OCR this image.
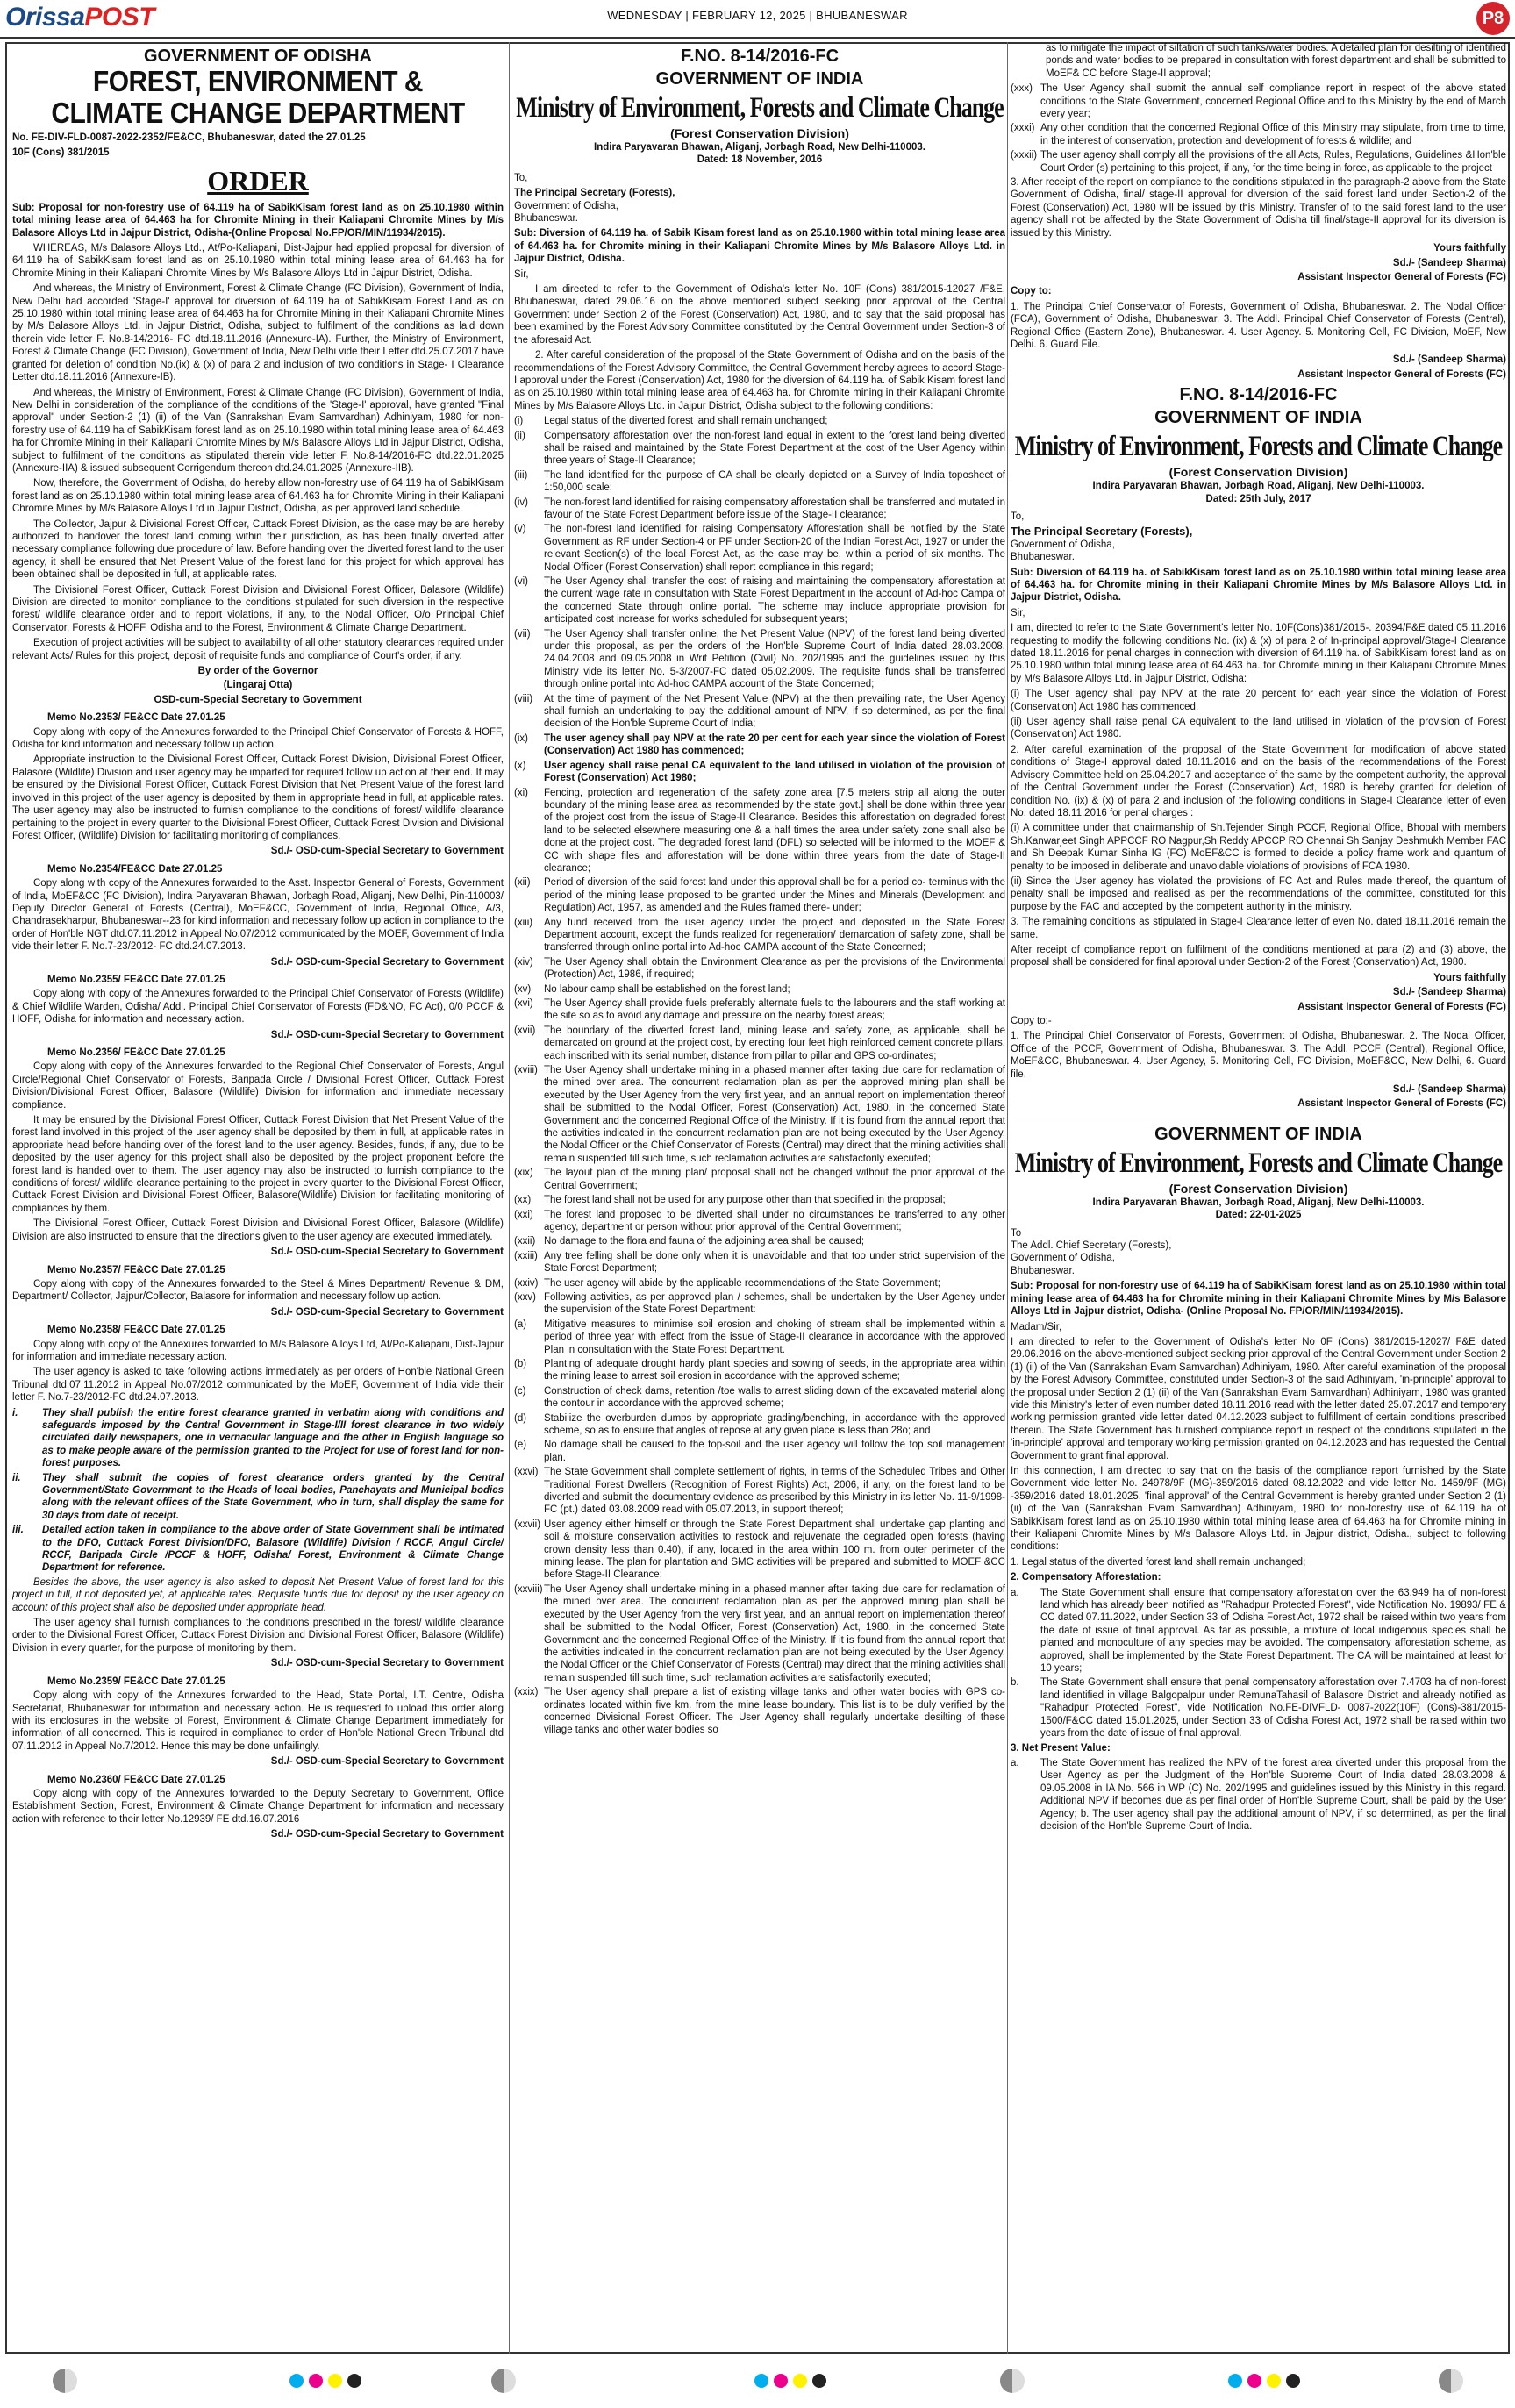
OrissaPOST	WEDNESDAY | FEBRUARY 12, 2025 | BHUBANESWAR	P8
GOVERNMENT OF ODISHA
FOREST, ENVIRONMENT &
CLIMATE CHANGE DEPARTMENT

No. FE-DIV-FLD-0087-2022-2352/FE&CC, Bhubaneswar, dated the 27.01.25

10F (Cons) 381/2015

ORDER

Sub: Proposal for non-forestry use of 64.119 ha of SabikKisam forest land as on 25.10.1980 within total mining lease area of 64.463 ha for Chromite Mining in their Kaliapani Chromite Mines by M/s Balasore Alloys Ltd in Jajpur District, Odisha-(Online Proposal No.FP/OR/MIN/11934/2015).

WHEREAS, M/s Balasore Alloys Ltd., At/Po-Kaliapani, Dist-Jajpur had applied proposal for diversion of 64.119 ha of SabikKisam forest land as on 25.10.1980 within total mining lease area of 64.463 ha for Chromite Mining in their Kaliapani Chromite Mines by M/s Balasore Alloys Ltd in Jajpur District, Odisha.

And whereas, the Ministry of Environment, Forest & Climate Change (FC Division), Government of India, New Delhi had accorded 'Stage-I' approval for diversion of 64.119 ha of SabikKisam Forest Land as on 25.10.1980 within total mining lease area of 64.463 ha for Chromite Mining in their Kaliapani Chromite Mines by M/s Balasore Alloys Ltd. in Jajpur District, Odisha, subject to fulfilment of the conditions as laid down therein vide letter F. No.8-14/2016- FC dtd.18.11.2016 (Annexure-IA). Further, the Ministry of Environment, Forest & Climate Change (FC Division), Government of India, New Delhi vide their Letter dtd.25.07.2017 have granted for deletion of condition No.(ix) & (x) of para 2 and inclusion of two conditions in Stage- I Clearance Letter dtd.18.11.2016 (Annexure-IB).

And whereas, the Ministry of Environment, Forest & Climate Change (FC Division), Government of India, New Delhi in consideration of the compliance of the conditions of the 'Stage-I' approval, have granted "Final approval" under Section-2 (1) (ii) of the Van (Sanrakshan Evam Samvardhan) Adhiniyam, 1980 for non-forestry use of 64.119 ha of SabikKisam forest land as on 25.10.1980 within total mining lease area of 64.463 ha for Chromite Mining in their Kaliapani Chromite Mines by M/s Balasore Alloys Ltd in Jajpur District, Odisha, subject to fulfilment of the conditions as stipulated therein vide letter F. No.8-14/2016-FC dtd.22.01.2025 (Annexure-IIA) & issued subsequent Corrigendum thereon dtd.24.01.2025 (Annexure-IIB).

Now, therefore, the Government of Odisha, do hereby allow non-forestry use of 64.119 ha of SabikKisam forest land as on 25.10.1980 within total mining lease area of 64.463 ha for Chromite Mining in their Kaliapani Chromite Mines by M/s Balasore Alloys Ltd in Jajpur District, Odisha, as per approved land schedule.

The Collector, Jajpur & Divisional Forest Officer, Cuttack Forest Division, as the case may be are hereby authorized to handover the forest land coming within their jurisdiction, as has been finally diverted after necessary compliance following due procedure of law. Before handing over the diverted forest land to the user agency, it shall be ensured that Net Present Value of the forest land for this project for which approval has been obtained shall be deposited in full, at applicable rates.

The Divisional Forest Officer, Cuttack Forest Division and Divisional Forest Officer, Balasore (Wildlife) Division are directed to monitor compliance to the conditions stipulated for such diversion in the respective forest/ wildlife clearance order and to report violations, if any, to the Nodal Officer, O/o Principal Chief Conservator, Forests & HOFF, Odisha and to the Forest, Environment & Climate Change Department.

Execution of project activities will be subject to availability of all other statutory clearances required under relevant Acts/ Rules for this project, deposit of requisite funds and compliance of Court's order, if any.

By order of the Governor
(Lingaraj Otta)
OSD-cum-Special Secretary to Government
Memo No.2353/ FE&CC Date 27.01.25

Copy along with copy of the Annexures forwarded to the Principal Chief Conservator of Forests & HOFF, Odisha for kind information and necessary follow up action.

Appropriate instruction to the Divisional Forest Officer, Cuttack Forest Division, Divisional Forest Officer, Balasore (Wildlife) Division and user agency may be imparted for required follow up action at their end. It may be ensured by the Divisional Forest Officer, Cuttack Forest Division that Net Present Value of the forest land involved in this project of the user agency is deposited by them in appropriate head in full, at applicable rates. The user agency may also be instructed to furnish compliance to the conditions of forest/ wildlife clearance pertaining to the project in every quarter to the Divisional Forest Officer, Cuttack Forest Division and Divisional Forest Officer, (Wildlife) Division for facilitating monitoring of compliances.

Sd./- OSD-cum-Special Secretary to Government
Memo No.2354/FE&CC Date 27.01.25

Copy along with copy of the Annexures forwarded to the Asst. Inspector General of Forests, Government of India, MoEF&CC (FC Division), Indira Paryavaran Bhawan, Jorbagh Road, Aliganj, New Delhi, Pin-110003/ Deputy Director General of Forests (Central), MoEF&CC, Government of India, Regional Office, A/3, Chandrasekharpur, Bhubaneswar--23 for kind information and necessary follow up action in compliance to the order of Hon'ble NGT dtd.07.11.2012 in Appeal No.07/2012 communicated by the MOEF, Government of India vide their letter F. No.7-23/2012- FC dtd.24.07.2013.

Sd./- OSD-cum-Special Secretary to Government
Memo No.2355/ FE&CC Date 27.01.25

Copy along with copy of the Annexures forwarded to the Principal Chief Conservator of Forests (Wildlife) & Chief Wildlife Warden, Odisha/ Addl. Principal Chief Conservator of Forests (FD&NO, FC Act), 0/0 PCCF & HOFF, Odisha for information and necessary action.

Sd./- OSD-cum-Special Secretary to Government
Memo No.2356/ FE&CC Date 27.01.25

Copy along with copy of the Annexures forwarded to the Regional Chief Conservator of Forests, Angul Circle/Regional Chief Conservator of Forests, Baripada Circle / Divisional Forest Officer, Cuttack Forest Division/Divisional Forest Officer, Balasore (Wildlife) Division for information and immediate necessary compliance.

It may be ensured by the Divisional Forest Officer, Cuttack Forest Division that Net Present Value of the forest land involved in this project of the user agency shall be deposited by them in full, at applicable rates in appropriate head before handing over of the forest land to the user agency. Besides, funds, if any, due to be deposited by the user agency for this project shall also be deposited by the project proponent before the forest land is handed over to them. The user agency may also be instructed to furnish compliance to the conditions of forest/ wildlife clearance pertaining to the project in every quarter to the Divisional Forest Officer, Cuttack Forest Division and Divisional Forest Officer, Balasore(Wildlife) Division for facilitating monitoring of compliances by them.

The Divisional Forest Officer, Cuttack Forest Division and Divisional Forest Officer, Balasore (Wildlife) Division are also instructed to ensure that the directions given to the user agency are executed immediately.

Sd./- OSD-cum-Special Secretary to Government
Memo No.2357/ FE&CC Date 27.01.25

Copy along with copy of the Annexures forwarded to the Steel & Mines Department/ Revenue & DM, Department/ Collector, Jajpur/Collector, Balasore for information and necessary follow up action.

Sd./- OSD-cum-Special Secretary to Government
Memo No.2358/ FE&CC Date 27.01.25

Copy along with copy of the Annexures forwarded to M/s Balasore Alloys Ltd, At/Po-Kaliapani, Dist-Jajpur for information and immediate necessary action.

The user agency is asked to take following actions immediately as per orders of Hon'ble National Green Tribunal dtd.07.11.2012 in Appeal No.07/2012 communicated by the MoEF, Government of India vide their letter F. No.7-23/2012-FC dtd.24.07.2013.

i.	They shall publish the entire forest clearance granted in verbatim along with conditions and safeguards imposed by the Central Government in Stage-I/II forest clearance in two widely circulated daily newspapers, one in vernacular language and the other in English language so as to make people aware of the permission granted to the Project for use of forest land for non-forest purposes.
ii.	They shall submit the copies of forest clearance orders granted by the Central Government/State Government to the Heads of local bodies, Panchayats and Municipal bodies along with the relevant offices of the State Government, who in turn, shall display the same for 30 days from date of receipt.
iii.	Detailed action taken in compliance to the above order of State Government shall be intimated to the DFO, Cuttack Forest Division/DFO, Balasore (Wildlife) Division / RCCF, Angul Circle/ RCCF, Baripada Circle /PCCF & HOFF, Odisha/ Forest, Environment & Climate Change Department for reference.

Besides the above, the user agency is also asked to deposit Net Present Value of forest land for this project in full, if not deposited yet, at applicable rates. Requisite funds due for deposit by the user agency on account of this project shall also be deposited under appropriate head.

The user agency shall furnish compliances to the conditions prescribed in the forest/ wildlife clearance order to the Divisional Forest Officer, Cuttack Forest Division and Divisional Forest Officer, Balasore (Wildlife) Division in every quarter, for the purpose of monitoring by them.

Sd./- OSD-cum-Special Secretary to Government
Memo No.2359/ FE&CC Date 27.01.25

Copy along with copy of the Annexures forwarded to the Head, State Portal, I.T. Centre, Odisha Secretariat, Bhubaneswar for information and necessary action. He is requested to upload this order along with its enclosures in the website of Forest, Environment & Climate Change Department immediately for information of all concerned. This is required in compliance to order of Hon'ble National Green Tribunal dtd 07.11.2012 in Appeal No.7/2012. Hence this may be done unfailingly.

Sd./- OSD-cum-Special Secretary to Government
Memo No.2360/ FE&CC Date 27.01.25

Copy along with copy of the Annexures forwarded to the Deputy Secretary to Government, Office Establishment Section, Forest, Environment & Climate Change Department for information and necessary action with reference to their letter No.12939/ FE dtd.16.07.2016

Sd./- OSD-cum-Special Secretary to Government
F.NO. 8-14/2016-FC
GOVERNMENT OF INDIA
Ministry of Environment, Forests and Climate Change
(Forest Conservation Division)
Indira Paryavaran Bhawan, Aliganj, Jorbagh Road, New Delhi-110003.
Dated: 18 November, 2016

To,

The Principal Secretary (Forests),

Government of Odisha,

Bhubaneswar.

Sub: Diversion of 64.119 ha. of Sabik Kisam forest land as on 25.10.1980 within total mining lease area of 64.463 ha. for Chromite mining in their Kaliapani Chromite Mines by M/s Balasore Alloys Ltd. in Jajpur District, Odisha.

Sir,

I am directed to refer to the Government of Odisha's letter No. 10F (Cons) 381/2015-12027 /F&E, Bhubaneswar, dated 29.06.16 on the above mentioned subject seeking prior approval of the Central Government under Section 2 of the Forest (Conservation) Act, 1980, and to say that the said proposal has been examined by the Forest Advisory Committee constituted by the Central Government under Section-3 of the aforesaid Act.

2. After careful consideration of the proposal of the State Government of Odisha and on the basis of the recommendations of the Forest Advisory Committee, the Central Government hereby agrees to accord Stage-I approval under the Forest (Conservation) Act, 1980 for the diversion of 64.119 ha. of Sabik Kisam forest land as on 25.10.1980 within total mining lease area of 64.463 ha. for Chromite mining in their Kaliapani Chromite Mines by M/s Balasore Alloys Ltd. in Jajpur District, Odisha subject to the following conditions:

(i)	Legal status of the diverted forest land shall remain unchanged;
(ii)	Compensatory afforestation over the non-forest land equal in extent to the forest land being diverted shall be raised and maintained by the State Forest Department at the cost of the User Agency within three years of Stage-II Clearance;
(iii)	The land identified for the purpose of CA shall be clearly depicted on a Survey of India toposheet of 1:50,000 scale;
(iv)	The non-forest land identified for raising compensatory afforestation shall be transferred and mutated in favour of the State Forest Department before issue of the Stage-II clearance;
(v)	The non-forest land identified for raising Compensatory Afforestation shall be notified by the State Government as RF under Section-4 or PF under Section-20 of the Indian Forest Act, 1927 or under the relevant Section(s) of the local Forest Act, as the case may be, within a period of six months. The Nodal Officer (Forest Conservation) shall report compliance in this regard;
(vi)	The User Agency shall transfer the cost of raising and maintaining the compensatory afforestation at the current wage rate in consultation with State Forest Department in the account of Ad-hoc Campa of the concerned State through online portal. The scheme may include appropriate provision for anticipated cost increase for works scheduled for subsequent years;
(vii)	The User Agency shall transfer online, the Net Present Value (NPV) of the forest land being diverted under this proposal, as per the orders of the Hon'ble Supreme Court of India dated 28.03.2008, 24.04.2008 and 09.05.2008 in Writ Petition (Civil) No. 202/1995 and the guidelines issued by this Ministry vide its letter No. 5-3/2007-FC dated 05.02.2009. The requisite funds shall be transferred through online portal into Ad-hoc CAMPA account of the State Concerned;
(viii)	At the time of payment of the Net Present Value (NPV) at the then prevailing rate, the User Agency shall furnish an undertaking to pay the additional amount of NPV, if so determined, as per the final decision of the Hon'ble Supreme Court of India;
(ix)	The user agency shall pay NPV at the rate 20 per cent for each year since the violation of Forest (Conservation) Act 1980 has commenced;
(x)	User agency shall raise penal CA equivalent to the land utilised in violation of the provision of Forest (Conservation) Act 1980;
(xi)	Fencing, protection and regeneration of the safety zone area [7.5 meters strip all along the outer boundary of the mining lease area as recommended by the state govt.] shall be done within three year of the project cost from the issue of Stage-II Clearance. Besides this afforestation on degraded forest land to be selected elsewhere measuring one & a half times the area under safety zone shall also be done at the project cost. The degraded forest land (DFL) so selected will be informed to the MOEF & CC with shape files and afforestation will be done within three years from the date of Stage-II clearance;
(xii)	Period of diversion of the said forest land under this approval shall be for a period co- terminus with the period of the mining lease proposed to be granted under the Mines and Minerals (Development and Regulation) Act, 1957, as amended and the Rules framed there- under;
(xiii)	Any fund received from the user agency under the project and deposited in the State Forest Department account, except the funds realized for regeneration/ demarcation of safety zone, shall be transferred through online portal into Ad-hoc CAMPA account of the State Concerned;
(xiv)	The User Agency shall obtain the Environment Clearance as per the provisions of the Environmental (Protection) Act, 1986, if required;
(xv)	No labour camp shall be established on the forest land;
(xvi)	The User Agency shall provide fuels preferably alternate fuels to the labourers and the staff working at the site so as to avoid any damage and pressure on the nearby forest areas;
(xvii) The boundary of the diverted forest land, mining lease and safety zone, as applicable, shall be demarcated on ground at the project cost, by erecting four feet high reinforced cement concrete pillars, each inscribed with its serial number, distance from pillar to pillar and GPS co-ordinates;
(xviii) The User Agency shall undertake mining in a phased manner after taking due care for reclamation of the mined over area. The concurrent reclamation plan as per the approved mining plan shall be executed by the User Agency from the very first year, and an annual report on implementation thereof shall be submitted to the Nodal Officer, Forest (Conservation) Act, 1980, in the concerned State Government and the concerned Regional Office of the Ministry. If it is found from the annual report that the activities indicated in the concurrent reclamation plan are not being executed by the User Agency, the Nodal Officer or the Chief Conservator of Forests (Central) may direct that the mining activities shall remain suspended till such time, such reclamation activities are satisfactorily executed;
(xix)	The layout plan of the mining plan/ proposal shall not be changed without the prior approval of the Central Government;
(xx)	The forest land shall not be used for any purpose other than that specified in the proposal;
(xxi)	The forest land proposed to be diverted shall under no circumstances be transferred to any other agency, department or person without prior approval of the Central Government;
(xxii) No damage to the flora and fauna of the adjoining area shall be caused;
(xxiii) Any tree felling shall be done only when it is unavoidable and that too under strict supervision of the State Forest Department;
(xxiv) The user agency will abide by the applicable recommendations of the State Government;
(xxv) Following activities, as per approved plan / schemes, shall be undertaken by the User Agency under the supervision of the State Forest Department:
(a)	Mitigative measures to minimise soil erosion and choking of stream shall be implemented within a period of three year with effect from the issue of Stage-II clearance in accordance with the approved Plan in consultation with the State Forest Department.
(b)	Planting of adequate drought hardy plant species and sowing of seeds, in the appropriate area within the mining lease to arrest soil erosion in accordance with the approved scheme;
(c)	Construction of check dams, retention /toe walls to arrest sliding down of the excavated material along the contour in accordance with the approved scheme;
(d)	Stabilize the overburden dumps by appropriate grading/benching, in accordance with the approved scheme, so as to ensure that angles of repose at any given place is less than 28o; and
(e)	No damage shall be caused to the top-soil and the user agency will follow the top soil management plan.
(xxvi) The State Government shall complete settlement of rights, in terms of the Scheduled Tribes and Other Traditional Forest Dwellers (Recognition of Forest Rights) Act, 2006, if any, on the forest land to be diverted and submit the documentary evidence as prescribed by this Ministry in its letter No. 11-9/1998-FC (pt.) dated 03.08.2009 read with 05.07.2013, in support thereof;
(xxvii) User agency either himself or through the State Forest Department shall undertake gap planting and soil & moisture conservation activities to restock and rejuvenate the degraded open forests (having crown density less than 0.40), if any, located in the area within 100 m. from outer perimeter of the mining lease. The plan for plantation and SMC activities will be prepared and submitted to MOEF &CC before Stage-II Clearance;
(xxviii) The User Agency shall undertake mining in a phased manner after taking due care for reclamation of the mined over area. The concurrent reclamation plan as per the approved mining plan shall be executed by the User Agency from the very first year, and an annual report on implementation thereof shall be submitted to the Nodal Officer, Forest (Conservation) Act, 1980, in the concerned State Government and the concerned Regional Office of the Ministry. If it is found from the annual report that the activities indicated in the concurrent reclamation plan are not being executed by the User Agency, the Nodal Officer or the Chief Conservator of Forests (Central) may direct that the mining activities shall remain suspended till such time, such reclamation activities are satisfactorily executed;
(xxix) The User agency shall prepare a list of existing village tanks and other water bodies with GPS co-ordinates located within five km. from the mine lease boundary. This list is to be duly verified by the concerned Divisional Forest Officer. The User Agency shall regularly undertake desilting of these village tanks and other water bodies so

as to mitigate the impact of siltation of such tanks/water bodies. A detailed plan for desilting of identified ponds and water bodies to be prepared in consultation with forest department and shall be submitted to MoEF& CC before Stage-II approval;

(xxx) The User Agency shall submit the annual self compliance report in respect of the above stated conditions to the State Government, concerned Regional Office and to this Ministry by the end of March every year;
(xxxi) Any other condition that the concerned Regional Office of this Ministry may stipulate, from time to time, in the interest of conservation, protection and development of forests & wildlife; and
(xxxii) The user agency shall comply all the provisions of the all Acts, Rules, Regulations, Guidelines &Hon'ble Court Order (s) pertaining to this project, if any, for the time being in force, as applicable to the project

3. After receipt of the report on compliance to the conditions stipulated in the paragraph-2 above from the State Government of Odisha, final/ stage-II approval for diversion of the said forest land under Section-2 of the Forest (Conservation) Act, 1980 will be issued by this Ministry. Transfer of to the said forest land to the user agency shall not be affected by the State Government of Odisha till final/stage-II approval for its diversion is issued by this Ministry.

Yours faithfully
Sd./- (Sandeep Sharma)
Assistant Inspector General of Forests (FC)

Copy to:

1. The Principal Chief Conservator of Forests, Government of Odisha, Bhubaneswar. 2. The Nodal Officer (FCA), Government of Odisha, Bhubaneswar. 3. The Addl. Principal Chief Conservator of Forests (Central), Regional Office (Eastern Zone), Bhubaneswar. 4. User Agency. 5. Monitoring Cell, FC Division, MoEF, New Delhi. 6. Guard File.

Sd./- (Sandeep Sharma)
Assistant Inspector General of Forests (FC)
F.NO. 8-14/2016-FC
GOVERNMENT OF INDIA
Ministry of Environment, Forests and Climate Change
(Forest Conservation Division)
Indira Paryavaran Bhawan, Jorbagh Road, Aliganj, New Delhi-110003.
Dated: 25th July, 2017

To,

The Principal Secretary (Forests),

Government of Odisha,

Bhubaneswar.

Sub: Diversion of 64.119 ha. of SabikKisam forest land as on 25.10.1980 within total mining lease area of 64.463 ha. for Chromite mining in their Kaliapani Chromite Mines by M/s Balasore Alloys Ltd. in Jajpur District, Odisha.

Sir,

I am, directed to refer to the State Government's letter No. 10F(Cons)381/2015-. 20394/F&E dated 05.11.2016 requesting to modify the following conditions No. (ix) & (x) of para 2 of In-principal approval/Stage-I Clearance dated 18.11.2016 for penal charges in connection with diversion of 64.119 ha. of SabikKisam forest land as on 25.10.1980 within total mining lease area of 64.463 ha. for Chromite mining in their Kaliapani Chromite Mines by M/s Balasore Alloys Ltd. in Jajpur District, Odisha:

(i) The User agency shall pay NPV at the rate 20 percent for each year since the violation of Forest (Conservation) Act 1980 has commenced.

(ii) User agency shall raise penal CA equivalent to the land utilised in violation of the provision of Forest (Conservation) Act 1980.

2. After careful examination of the proposal of the State Government for modification of above stated conditions of Stage-I approval dated 18.11.2016 and on the basis of the recommendations of the Forest Advisory Committee held on 25.04.2017 and acceptance of the same by the competent authority, the approval of the Central Government under the Forest (Conservation) Act, 1980 is hereby granted for deletion of condition No. (ix) & (x) of para 2 and inclusion of the following conditions in Stage-I Clearance letter of even No. dated 18.11.2016 for penal charges :

(i) A committee under that chairmanship of Sh.Tejender Singh PCCF, Regional Office, Bhopal with members Sh.Kanwarjeet Singh APPCCF RO Nagpur,Sh Reddy APCCP RO Chennai Sh Sanjay Deshmukh Member FAC and Sh Deepak Kumar Sinha IG (FC) MoEF&CC is formed to decide a policy frame work and quantum of penalty to be imposed in deliberate and unavoidable violations of provisions of FCA 1980.

(ii) Since the User agency has violated the provisions of FC Act and Rules made thereof, the quantum of penalty shall be imposed and realised as per the recommendations of the committee, constituted for this purpose by the FAC and accepted by the competent authority in the ministry.

3. The remaining conditions as stipulated in Stage-I Clearance letter of even No. dated 18.11.2016 remain the same.

After receipt of compliance report on fulfilment of the conditions mentioned at para (2) and (3) above, the proposal shall be considered for final approval under Section-2 of the Forest (Conservation) Act, 1980.

Yours faithfully
Sd./- (Sandeep Sharma)
Assistant Inspector General of Forests (FC)

Copy to:-

1. The Principal Chief Conservator of Forests, Government of Odisha, Bhubaneswar. 2. The Nodal Officer, Office of the PCCF, Government of Odisha, Bhubaneswar. 3. The Addl. PCCF (Central), Regional Office, MoEF&CC, Bhubaneswar. 4. User Agency, 5. Monitoring Cell, FC Division, MoEF&CC, New Delhi, 6. Guard file.

Sd./- (Sandeep Sharma)
Assistant Inspector General of Forests (FC)
GOVERNMENT OF INDIA
Ministry of Environment, Forests and Climate Change
(Forest Conservation Division)
Indira Paryavaran Bhawan, Jorbagh Road, Aliganj, New Delhi-110003.
Dated: 22-01-2025

To

The Addl. Chief Secretary (Forests),

Government of Odisha,

Bhubaneswar.

Sub: Proposal for non-forestry use of 64.119 ha of SabikKisam forest land as on 25.10.1980 within total mining lease area of 64.463 ha for Chromite mining in their Kaliapani Chromite Mines by M/s Balasore Alloys Ltd in Jajpur district, Odisha- (Online Proposal No. FP/OR/MIN/11934/2015).

Madam/Sir,

I am directed to refer to the Government of Odisha's letter No 0F (Cons) 381/2015-12027/ F&E dated 29.06.2016 on the above-mentioned subject seeking prior approval of the Central Government under Section 2 (1) (ii) of the Van (Sanrakshan Evam Samvardhan) Adhiniyam, 1980. After careful examination of the proposal by the Forest Advisory Committee, constituted under Section-3 of the said Adhiniyam, 'in-principle' approval to the proposal under Section 2 (1) (ii) of the Van (Sanrakshan Evam Samvardhan) Adhiniyam, 1980 was granted vide this Ministry's letter of even number dated 18.11.2016 read with the letter dated 25.07.2017 and temporary working permission granted vide letter dated 04.12.2023 subject to fulfillment of certain conditions prescribed therein. The State Government has furnished compliance report in respect of the conditions stipulated in the 'in-principle' approval and temporary working permission granted on 04.12.2023 and has requested the Central Government to grant final approval.

In this connection, I am directed to say that on the basis of the compliance report furnished by the State Government vide letter No. 24978/9F (MG)-359/2016 dated 08.12.2022 and vide letter No. 1459/9F (MG) -359/2016 dated 18.01.2025, 'final approval' of the Central Government is hereby granted under Section 2 (1) (ii) of the Van (Sanrakshan Evam Samvardhan) Adhiniyam, 1980 for non-forestry use of 64.119 ha of SabikKisam forest land as on 25.10.1980 within total mining lease area of 64.463 ha for Chromite mining in their Kaliapani Chromite Mines by M/s Balasore Alloys Ltd. in Jajpur district, Odisha., subject to following conditions:

1. Legal status of the diverted forest land shall remain unchanged;

2. Compensatory Afforestation:

a.	The State Government shall ensure that compensatory afforestation over the 63.949 ha of non-forest land which has already been notified as "Rahadpur Protected Forest", vide Notification No. 19893/ FE & CC dated 07.11.2022, under Section 33 of Odisha Forest Act, 1972 shall be raised within two years from the date of issue of final approval. As far as possible, a mixture of local indigenous species shall be planted and monoculture of any species may be avoided. The compensatory afforestation scheme, as approved, shall be implemented by the State Forest Department. The CA will be maintained at least for 10 years;
b.	The State Government shall ensure that penal compensatory afforestation over 7.4703 ha of non-forest land identified in village Balgopalpur under RemunaTahasil of Balasore District and already notified as "Rahadpur Protected Forest", vide Notification No.FE-DIVFLD- 0087-2022(10F) (Cons)-381/2015-1500/F&CC dated 15.01.2025, under Section 33 of Odisha Forest Act, 1972 shall be raised within two years from the date of issue of final approval.

3. Net Present Value:

a.	The State Government has realized the NPV of the forest area diverted under this proposal from the User Agency as per the Judgment of the Hon'ble Supreme Court of India dated 28.03.2008 & 09.05.2008 in IA No. 566 in WP (C) No. 202/1995 and guidelines issued by this Ministry in this regard. Additional NPV if becomes due as per final order of Hon'ble Supreme Court, shall be paid by the User Agency; b. The user agency shall pay the additional amount of NPV, if so determined, as per the final decision of the Hon'ble Supreme Court of India.
